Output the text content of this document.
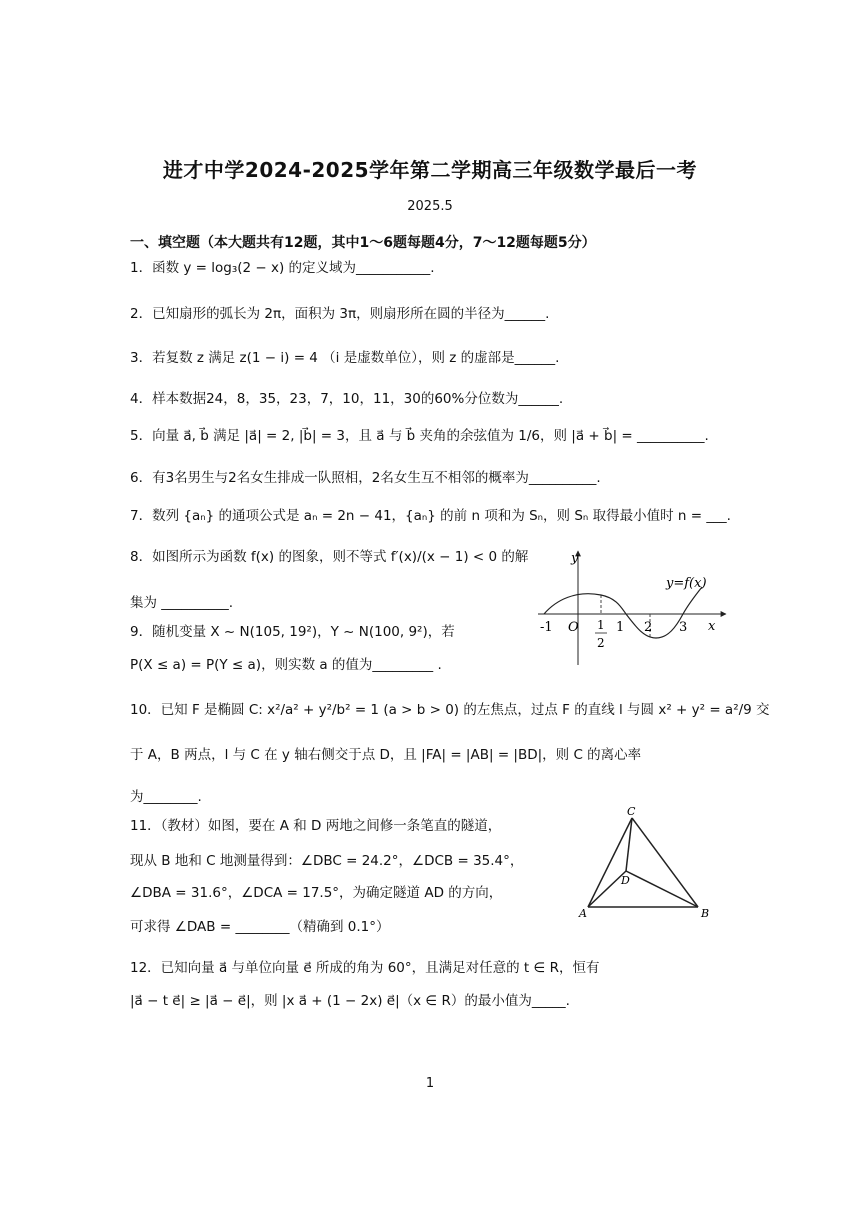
进才中学2024-2025学年第二学期高三年级数学最后一考
2025.5
一、填空题（本大题共有12题，其中1～6题每题4分，7～12题每题5分）
1．函数 y = log₃(2 − x) 的定义域为___________.
2．已知扇形的弧长为 2π，面积为 3π，则扇形所在圆的半径为______.
3．若复数 z 满足 z(1 − i) = 4 （i 是虚数单位），则 z 的虚部是______.
4．样本数据24，8，35，23，7，10，11，30的60%分位数为______.
5．向量 a⃗, b⃗ 满足 |a⃗| = 2, |b⃗| = 3，且 a⃗ 与 b⃗ 夹角的余弦值为 1/6，则 |a⃗ + b⃗| = __________.
6．有3名男生与2名女生排成一队照相，2名女生互不相邻的概率为__________.
7．数列 {aₙ} 的通项公式是 aₙ = 2n − 41，{aₙ} 的前 n 项和为 Sₙ，则 Sₙ 取得最小值时 n = ___.
8．如图所示为函数 f(x) 的图象，则不等式 f′(x)/(x − 1) < 0 的解
集为 __________.
9．随机变量 X ~ N(105, 19²)，Y ~ N(100, 9²)，若
P(X ≤ a) = P(Y ≤ a)，则实数 a 的值为_________ .
10．已知 F 是椭圆 C: x²/a² + y²/b² = 1 (a > b > 0) 的左焦点，过点 F 的直线 l 与圆 x² + y² = a²/9 交
于 A，B 两点，l 与 C 在 y 轴右侧交于点 D，且 |FA| = |AB| = |BD|，则 C 的离心率
为________.
11．（教材）如图，要在 A 和 D 两地之间修一条笔直的隧道，
现从 B 地和 C 地测量得到：∠DBC = 24.2°，∠DCB = 35.4°，
∠DBA = 31.6°，∠DCA = 17.5°，为确定隧道 AD 的方向，
可求得 ∠DAB = ________（精确到 0.1°）
12．已知向量 a⃗ 与单位向量 e⃗ 所成的角为 60°，且满足对任意的 t ∈ R，恒有
|a⃗ − t e⃗| ≥ |a⃗ − e⃗|，则 |x a⃗ + (1 − 2x) e⃗|（x ∈ R）的最小值为_____.
y
x
O
y=f(x)
-1	1 2 3
1
2
C
D
A	B
1
